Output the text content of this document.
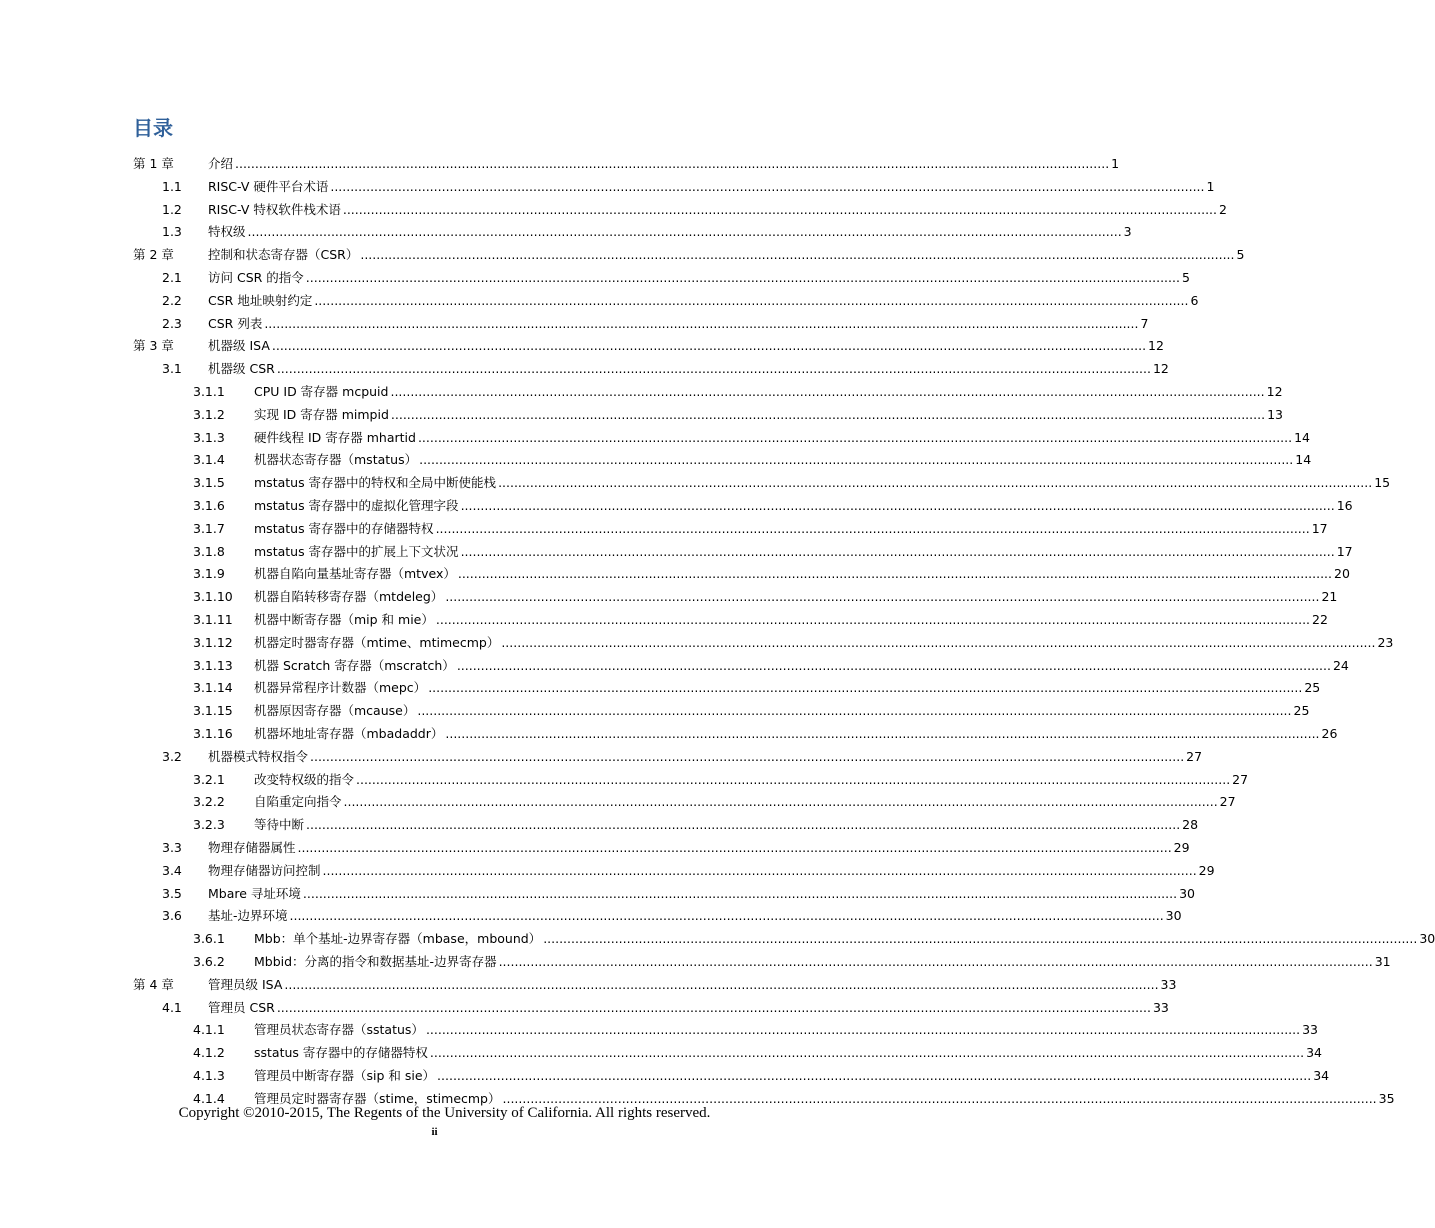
目录
第 1 章	介绍 ............................................................................................................................................................................................................................ 1
1.1 RISC-V 硬件平台术语 ............................................................................................................................................................................................................................ 1
1.2 RISC-V 特权软件栈术语 ............................................................................................................................................................................................................................ 2
1.3 特权级 ............................................................................................................................................................................................................................ 3
第 2 章	控制和状态寄存器（CSR） ............................................................................................................................................................................................................................ 5
2.1 访问 CSR 的指令 ............................................................................................................................................................................................................................ 5
2.2 CSR 地址映射约定 ............................................................................................................................................................................................................................ 6
2.3 CSR 列表 ............................................................................................................................................................................................................................ 7
第 3 章	机器级 ISA ............................................................................................................................................................................................................................ 12
3.1 机器级 CSR ............................................................................................................................................................................................................................ 12
3.1.1 CPU ID 寄存器 mcpuid ............................................................................................................................................................................................................................ 12
3.1.2 实现 ID 寄存器 mimpid ............................................................................................................................................................................................................................ 13
3.1.3 硬件线程 ID 寄存器 mhartid ............................................................................................................................................................................................................................ 14
3.1.4 机器状态寄存器（mstatus） ............................................................................................................................................................................................................................ 14
3.1.5 mstatus 寄存器中的特权和全局中断使能栈 ............................................................................................................................................................................................................................ 15
3.1.6 mstatus 寄存器中的虚拟化管理字段 ............................................................................................................................................................................................................................ 16
3.1.7 mstatus 寄存器中的存储器特权 ............................................................................................................................................................................................................................ 17
3.1.8 mstatus 寄存器中的扩展上下文状况 ............................................................................................................................................................................................................................ 17
3.1.9 机器自陷向量基址寄存器（mtvex） ............................................................................................................................................................................................................................ 20
3.1.10 机器自陷转移寄存器（mtdeleg） ............................................................................................................................................................................................................................ 21
3.1.11 机器中断寄存器（mip 和 mie） ............................................................................................................................................................................................................................ 22
3.1.12 机器定时器寄存器（mtime、mtimecmp） ............................................................................................................................................................................................................................ 23
3.1.13 机器 Scratch 寄存器（mscratch） ............................................................................................................................................................................................................................ 24
3.1.14 机器异常程序计数器（mepc） ............................................................................................................................................................................................................................ 25
3.1.15 机器原因寄存器（mcause） ............................................................................................................................................................................................................................ 25
3.1.16 机器坏地址寄存器（mbadaddr） ............................................................................................................................................................................................................................ 26
3.2 机器模式特权指令 ............................................................................................................................................................................................................................ 27
3.2.1 改变特权级的指令 ............................................................................................................................................................................................................................ 27
3.2.2 自陷重定向指令 ............................................................................................................................................................................................................................ 27
3.2.3 等待中断 ............................................................................................................................................................................................................................ 28
3.3 物理存储器属性 ............................................................................................................................................................................................................................ 29
3.4 物理存储器访问控制 ............................................................................................................................................................................................................................ 29
3.5 Mbare 寻址环境 ............................................................................................................................................................................................................................ 30
3.6 基址-边界环境 ............................................................................................................................................................................................................................ 30
3.6.1 Mbb：单个基址-边界寄存器（mbase，mbound） ............................................................................................................................................................................................................................ 30
3.6.2 Mbbid：分离的指令和数据基址-边界寄存器 ............................................................................................................................................................................................................................ 31
第 4 章	管理员级 ISA ............................................................................................................................................................................................................................ 33
4.1 管理员 CSR ............................................................................................................................................................................................................................ 33
4.1.1 管理员状态寄存器（sstatus） ............................................................................................................................................................................................................................ 33
4.1.2 sstatus 寄存器中的存储器特权 ............................................................................................................................................................................................................................ 34
4.1.3 管理员中断寄存器（sip 和 sie） ............................................................................................................................................................................................................................ 34
4.1.4 管理员定时器寄存器（stime，stimecmp） ............................................................................................................................................................................................................................ 35
Copyright ©2010-2015, The Regents of the University of California. All rights reserved.
ii
